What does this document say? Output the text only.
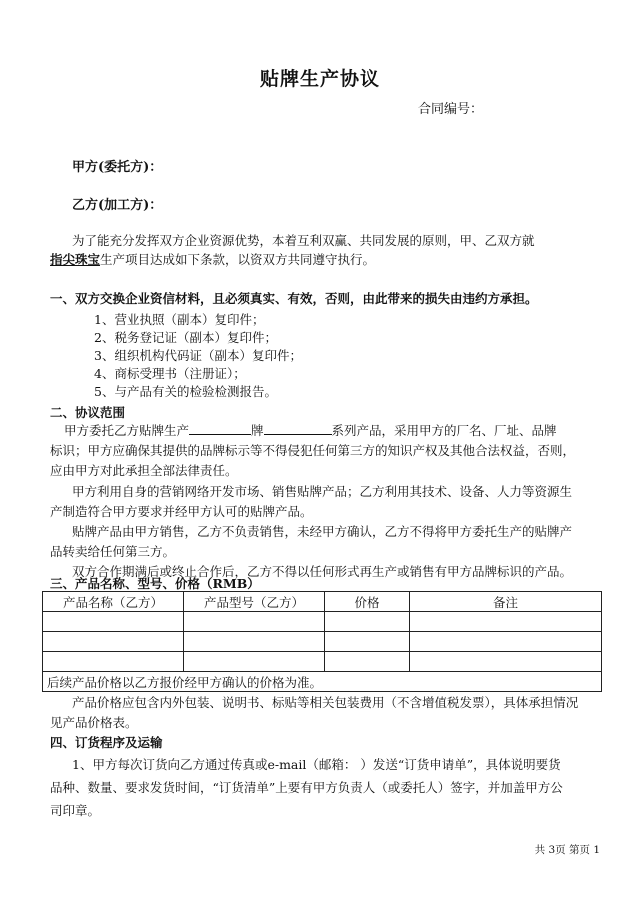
贴牌生产协议
合同编号：
甲方(委托方)：
乙方(加工方)：
为了能充分发挥双方企业资源优势，本着互利双赢、共同发展的原则，甲、乙双方就
指尖珠宝生产项目达成如下条款，以资双方共同遵守执行。
一、双方交换企业资信材料，且必须真实、有效，否则，由此带来的损失由违约方承担。
1、营业执照（副本）复印件；
2、税务登记证（副本）复印件；
3、组织机构代码证（副本）复印件；
4、商标受理书（注册证）；
5、与产品有关的检验检测报告。
二、协议范围
甲方委托乙方贴牌生产	牌	系列产品，采用甲方的厂名、厂址、品牌
标识；甲方应确保其提供的品牌标示等不得侵犯任何第三方的知识产权及其他合法权益，否则，
应由甲方对此承担全部法律责任。
甲方利用自身的营销网络开发市场、销售贴牌产品；乙方利用其技术、设备、人力等资源生
产制造符合甲方要求并经甲方认可的贴牌产品。
贴牌产品由甲方销售，乙方不负责销售，未经甲方确认，乙方不得将甲方委托生产的贴牌产
品转卖给任何第三方。
双方合作期满后或终止合作后，乙方不得以任何形式再生产或销售有甲方品牌标识的产品。
三、产品名称、型号、价格（RMB）
产品名称（乙方）	产品型号（乙方）	价格	备注

后续产品价格以乙方报价经甲方确认的价格为准。			
产品价格应包含内外包装、说明书、标贴等相关包装费用（不含增值税发票），具体承担情况
见产品价格表。
四、订货程序及运输
1、甲方每次订货向乙方通过传真或e-mail（邮箱： ）发送“订货申请单”，具体说明要货
品种、数量、要求发货时间，“订货清单”上要有甲方负责人（或委托人）签字，并加盖甲方公
司印章。
共 3页 第页 1
